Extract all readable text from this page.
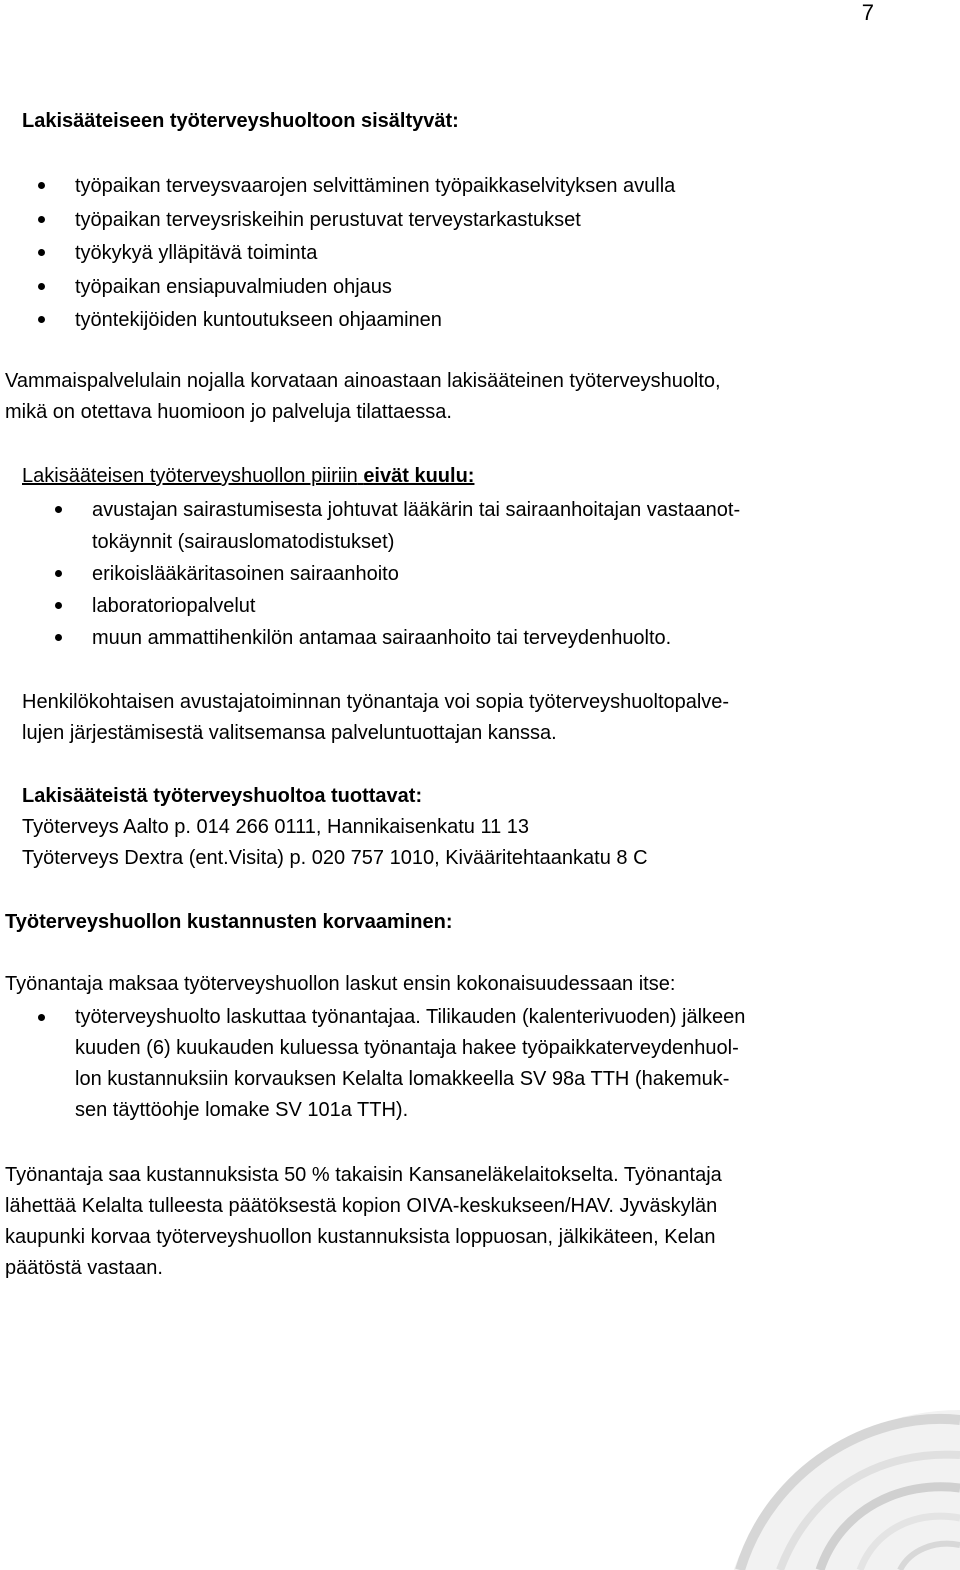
7
Lakisääteiseen työterveyshuoltoon sisältyvät:
työpaikan terveysvaarojen selvittäminen työpaikkaselvityksen avulla
työpaikan terveysriskeihin perustuvat terveystarkastukset
työkykyä ylläpitävä toiminta
työpaikan ensiapuvalmiuden ohjaus
työntekijöiden kuntoutukseen ohjaaminen

Vammaispalvelulain nojalla korvataan ainoastaan lakisääteinen työterveyshuolto,

mikä on otettava huomioon jo palveluja tilattaessa.

Lakisääteisen työterveyshuollon piiriin eivät kuulu:
avustajan sairastumisesta johtuvat lääkärin tai sairaanhoitajan vastaanot-
tokäynnit (sairauslomatodistukset)
erikoislääkäritasoinen sairaanhoito
laboratoriopalvelut
muun ammattihenkilön antamaa sairaanhoito tai terveydenhuolto.

Henkilökohtaisen avustajatoiminnan työnantaja voi sopia työterveyshuoltopalve-

lujen järjestämisestä valitsemansa palveluntuottajan kanssa.

Lakisääteistä työterveyshuoltoa tuottavat:

Työterveys Aalto p. 014 266 0111, Hannikaisenkatu 11 13

Työterveys Dextra (ent.Visita) p. 020 757 1010, Kivääritehtaankatu 8 C

Työterveyshuollon kustannusten korvaaminen:
Työnantaja maksaa työterveyshuollon laskut ensin kokonaisuudessaan itse:
työterveyshuolto laskuttaa työnantajaa. Tilikauden (kalenterivuoden) jälkeen
kuuden (6) kuukauden kuluessa työnantaja hakee työpaikkaterveydenhuol-
lon kustannuksiin korvauksen Kelalta lomakkeella SV 98a TTH (hakemuk-
sen täyttöohje lomake SV 101a TTH).

Työnantaja saa kustannuksista 50 % takaisin Kansaneläkelaitokselta. Työnantaja

lähettää Kelalta tulleesta päätöksestä kopion OIVA-keskukseen/HAV. Jyväskylän

kaupunki korvaa työterveyshuollon kustannuksista loppuosan, jälkikäteen, Kelan

päätöstä vastaan.
